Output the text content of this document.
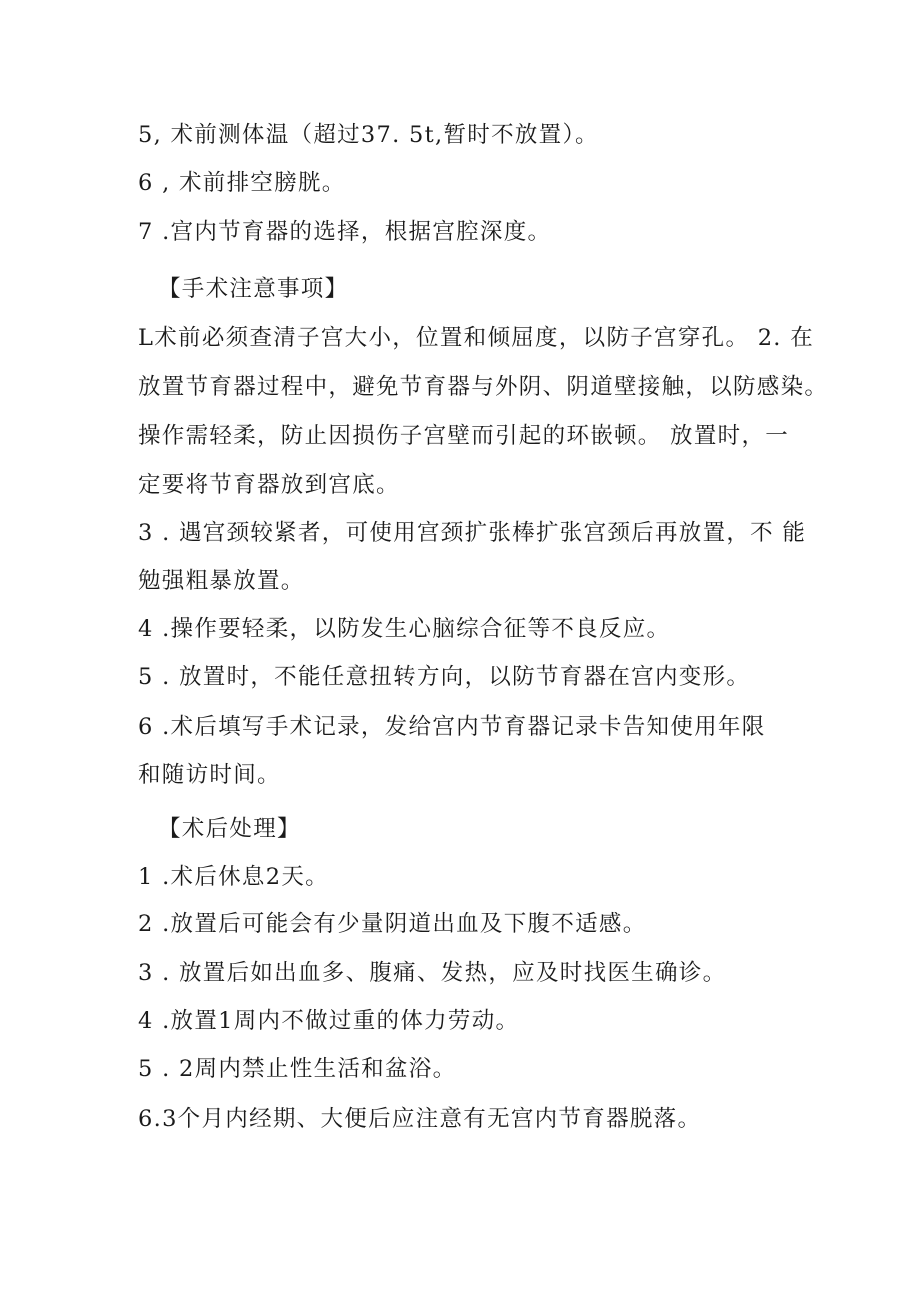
5, 术前测体温（超过37. 5t,暂时不放置）。
6 , 术前排空膀胱。
7 .宫内节育器的选择，根据宫腔深度。
【手术注意事项】
L术前必须查清子宫大小，位置和倾屈度，以防子宫穿孔。 2. 在
放置节育器过程中，避免节育器与外阴、阴道壁接触，以防感染。
操作需轻柔，防止因损伤子宫壁而引起的环嵌顿。 放置时，一
定要将节育器放到宫底。
3 . 遇宫颈较紧者，可使用宫颈扩张棒扩张宫颈后再放置，不 能
勉强粗暴放置。
4 .操作要轻柔，以防发生心脑综合征等不良反应。
5 . 放置时，不能任意扭转方向，以防节育器在宫内变形。
6 .术后填写手术记录，发给宫内节育器记录卡告知使用年限
和随访时间。
【术后处理】
1 .术后休息2天。
2 .放置后可能会有少量阴道出血及下腹不适感。
3 . 放置后如出血多、腹痛、发热，应及时找医生确诊。
4 .放置1周内不做过重的体力劳动。
5 . 2周内禁止性生活和盆浴。
6.3个月内经期、大便后应注意有无宫内节育器脱落。
